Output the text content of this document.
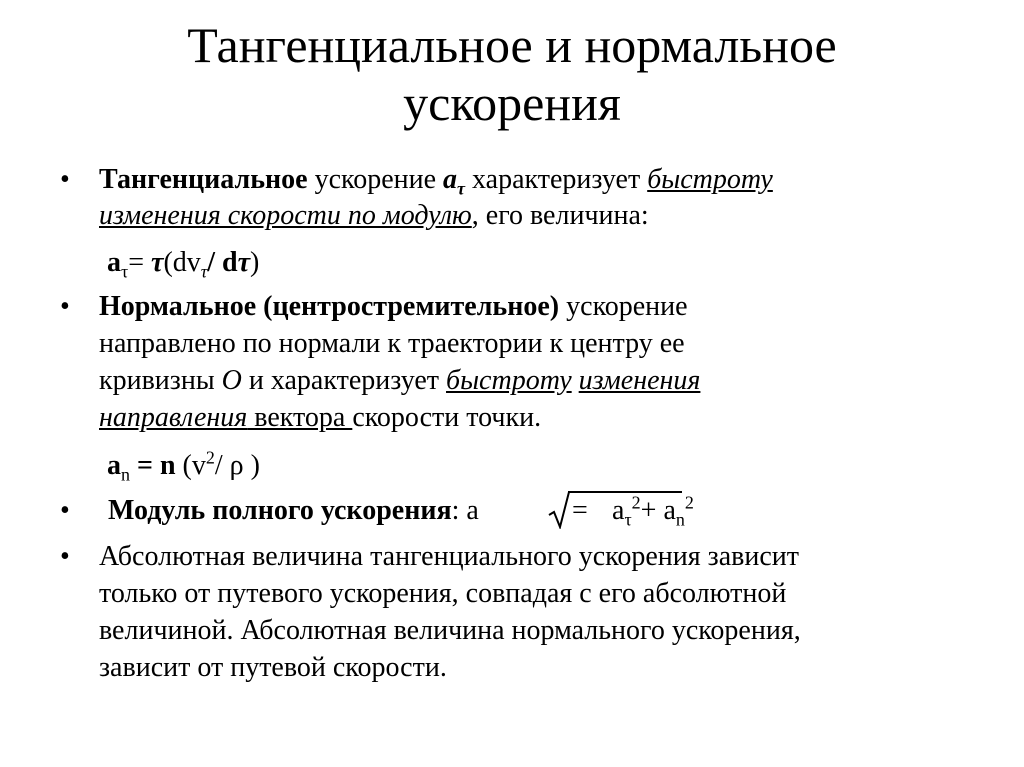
Тангенциальное и нормальное
ускорения
• Тангенциальное ускорение $a_\tau$ характеризует быстроту
изменения скорости по модулю, его величина:
$a_\tau= \tau(dv_\tau/$ dτ)
• Нормальное (центростремительное) ускорение
направлено по нормали к траектории к центру ее
кривизны O и характеризует быстроту изменения
направления вектора скорости точки.
$a_n = n$ ($v^2/$ ρ )
• Модуль полного ускорения: a	= $a_\tau^2+ a_n^2$
• Абсолютная величина тангенциального ускорения зависит
только от путевого ускорения, совпадая с его абсолютной
величиной. Абсолютная величина нормального ускорения,
зависит от путевой скорости.
